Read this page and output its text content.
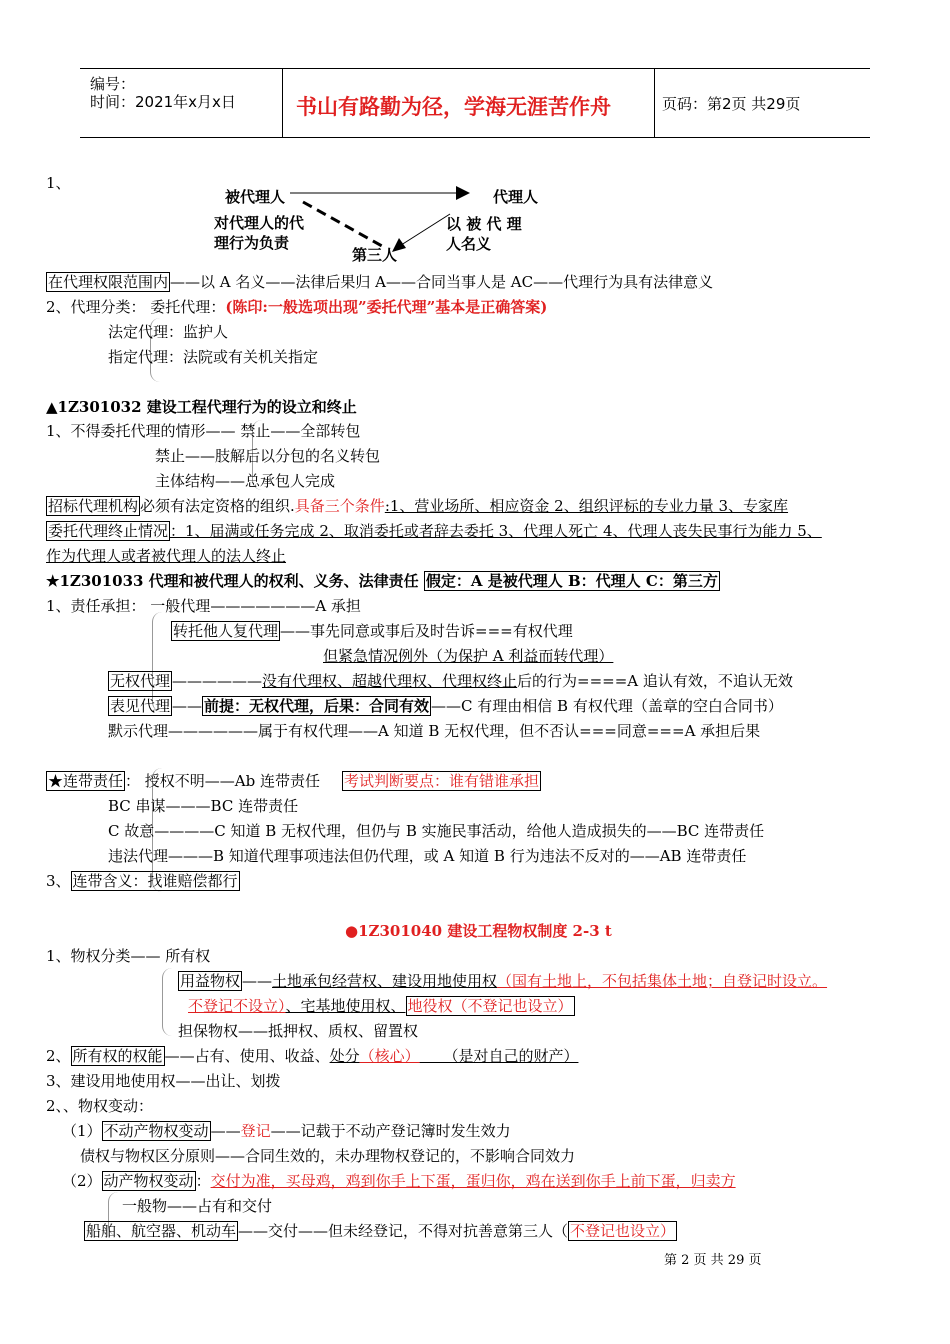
编号：
时间：2021年x月x日	书山有路勤为径，学海无涯苦作舟	页码：第2页 共29页
1、
被代理人	代理人
对代理人的代
理行为负责
以 被 代 理
人名义
第三人
在代理权限范围内 ——以 A 名义——法律后果归 A——合同当事人是 AC——代理行为具有法律意义
2、代理分类： 委托代理：(陈印:一般选项出现”委托代理”基本是正确答案)
法定代理：监护人
指定代理：法院或有关机关指定
▲1Z301032 建设工程代理行为的设立和终止
1、不得委托代理的情形—— 禁止——全部转包
禁止——肢解后以分包的名义转包
主体结构——总承包人完成
招标代理机构 必须有法定资格的组织.具备三个条件:1、营业场所、相应资金 2、组织评标的专业力量 3、专家库
委托代理终止情况 ：1、届满或任务完成 2、取消委托或者辞去委托 3、代理人死亡 4、代理人丧失民事行为能力 5、
作为代理人或者被代理人的法人终止
★1Z301033 代理和被代理人的权利、义务、法律责任 假定：A 是被代理人 B：代理人 C：第三方
1、责任承担： 一般代理———————A 承担
转托他人复代理 ——事先同意或事后及时告诉===有权代理
但紧急情况例外（为保护 A 利益而转代理）
无权代理 ——————没有代理权、超越代理权、代理权终止后的行为====A 追认有效，不追认无效
表见代理 —— 前提：无权代理，后果：合同有效 ——C 有理由相信 B 有权代理（盖章的空白合同书）
默示代理——————属于有权代理——A 知道 B 无权代理，但不否认===同意===A 承担后果
★连带责任 ： 授权不明——Ab 连带责任 考试判断要点：谁有错谁承担
BC 串谋———BC 连带责任
C 故意————C 知道 B 无权代理，但仍与 B 实施民事活动，给他人造成损失的——BC 连带责任
违法代理———B 知道代理事项违法但仍代理，或 A 知道 B 行为违法不反对的——AB 连带责任
3、 连带含义：找谁赔偿都行
●1Z301040 建设工程物权制度 2-3 t
1、物权分类—— 所有权
用益物权 ——土地承包经营权、建设用地使用权（国有土地上，不包括集体土地；自登记时设立。
不登记不设立）、宅基地使用权、 地役权（不登记也设立）
担保物权——抵押权、质权、留置权
2、 所有权的权能 ——占有、使用、收益、处分（核心）     （是对自己的财产）
3、建设用地使用权——出让、划拨
2、、物权变动：
（1） 不动产物权变动 ——登记——记载于不动产登记簿时发生效力
债权与物权区分原则——合同生效的，未办理物权登记的，不影响合同效力
（2） 动产物权变动 ：交付为准，买母鸡，鸡到你手上下蛋，蛋归你，鸡在送到你手上前下蛋，归卖方
一般物——占有和交付
船舶、航空器、机动车 ——交付——但未经登记，不得对抗善意第三人（ 不登记也设立）
第 2 页 共 29 页
